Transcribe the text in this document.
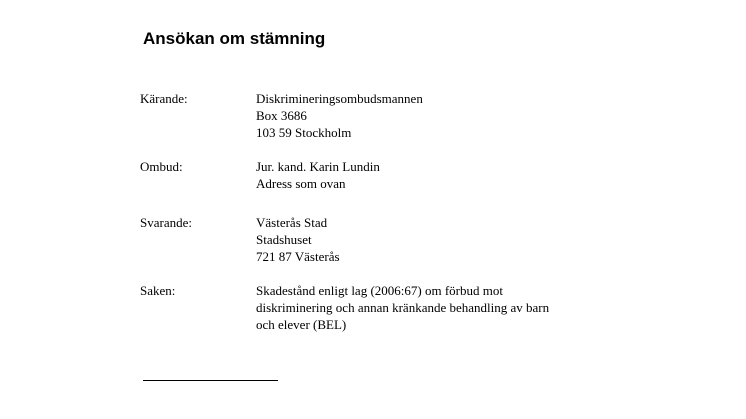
Ansökan om stämning
Kärande:	Diskrimineringsombudsmannen
Box 3686
103 59 Stockholm
Ombud:	Jur. kand. Karin Lundin
Adress som ovan
Svarande:	Västerås Stad
Stadshuset
721 87 Västerås
Saken:	Skadestånd enligt lag (2006:67) om förbud mot
diskriminering och annan kränkande behandling av barn
och elever (BEL)
